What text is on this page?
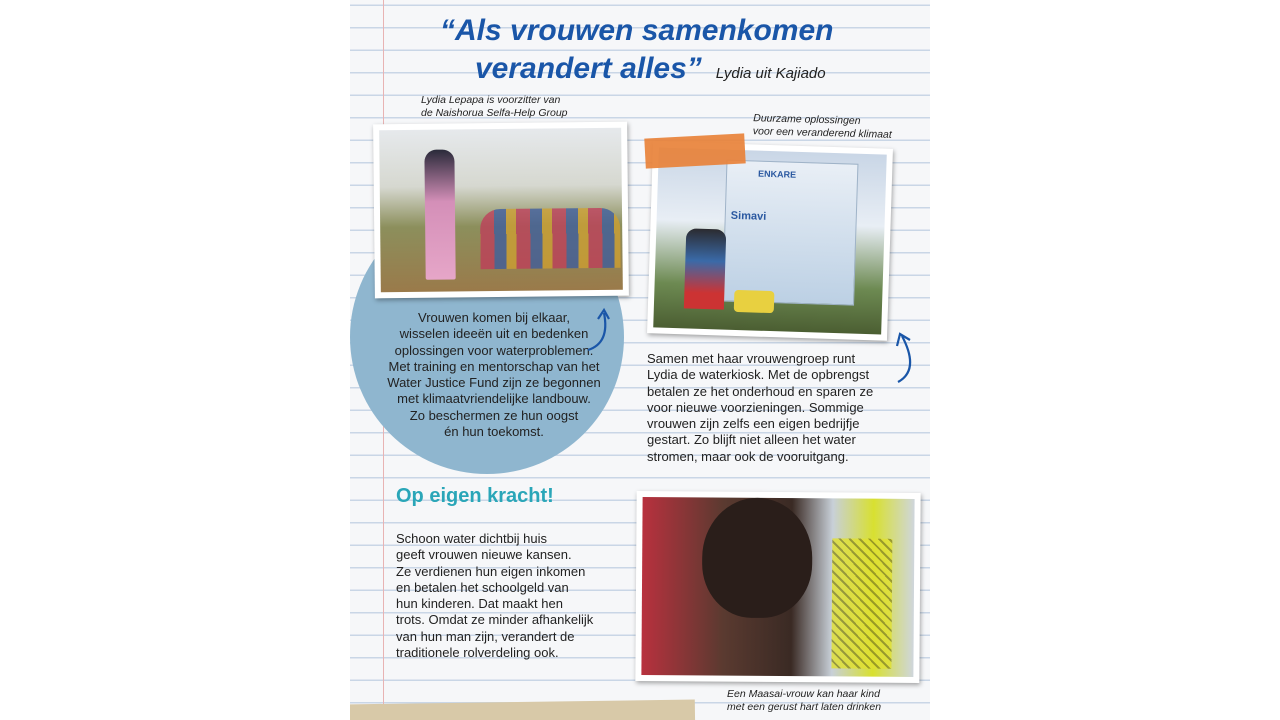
“Als vrouwen samenkomen
verandert alles” Lydia uit Kajiado
Lydia Lepapa is voorzitter van
de Naishorua Selfa-Help Group	Duurzame oplossingen
voor een veranderend klimaat
ENKARE
Simavi
Vrouwen komen bij elkaar,
wisselen ideeën uit en bedenken
oplossingen voor waterproblemen.
Met training en mentorschap van het
Water Justice Fund zijn ze begonnen
met klimaatvriendelijke landbouw.
Zo beschermen ze hun oogst
én hun toekomst.
Samen met haar vrouwengroep runt
Lydia de waterkiosk. Met de opbrengst
betalen ze het onderhoud en sparen ze
voor nieuwe voorzieningen. Sommige
vrouwen zijn zelfs een eigen bedrijfje
gestart. Zo blijft niet alleen het water
stromen, maar ook de vooruitgang.
Op eigen kracht!
Schoon water dichtbij huis
geeft vrouwen nieuwe kansen.
Ze verdienen hun eigen inkomen
en betalen het schoolgeld van
hun kinderen. Dat maakt hen
trots. Omdat ze minder afhankelijk
van hun man zijn, verandert de
traditionele rolverdeling ook.
Een Maasai-vrouw kan haar kind
met een gerust hart laten drinken
